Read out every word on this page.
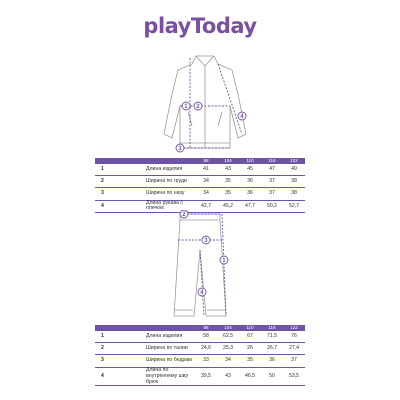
playToday
1 2
3
4
		98	104	110	116	122
1	Длина изделия	41	43	45	47	49
2	Ширина по груди	34	35	36	37	38
3	Ширина по низу	34	35	36	37	38
4	Длина рукава с плечом	42,7	45,2	47,7	50,2	52,7
1
2
3
4
		98	104	110	116	122
1	Длина изделия	58	62,5	67	71,5	76
2	Ширина по талии	24,6	25,3	26	26,7	27,4
3	Ширина по бедрам	33	34	35	36	37
4	Длина по внутреннему шву брюк	39,5	43	46,5	50	53,5
